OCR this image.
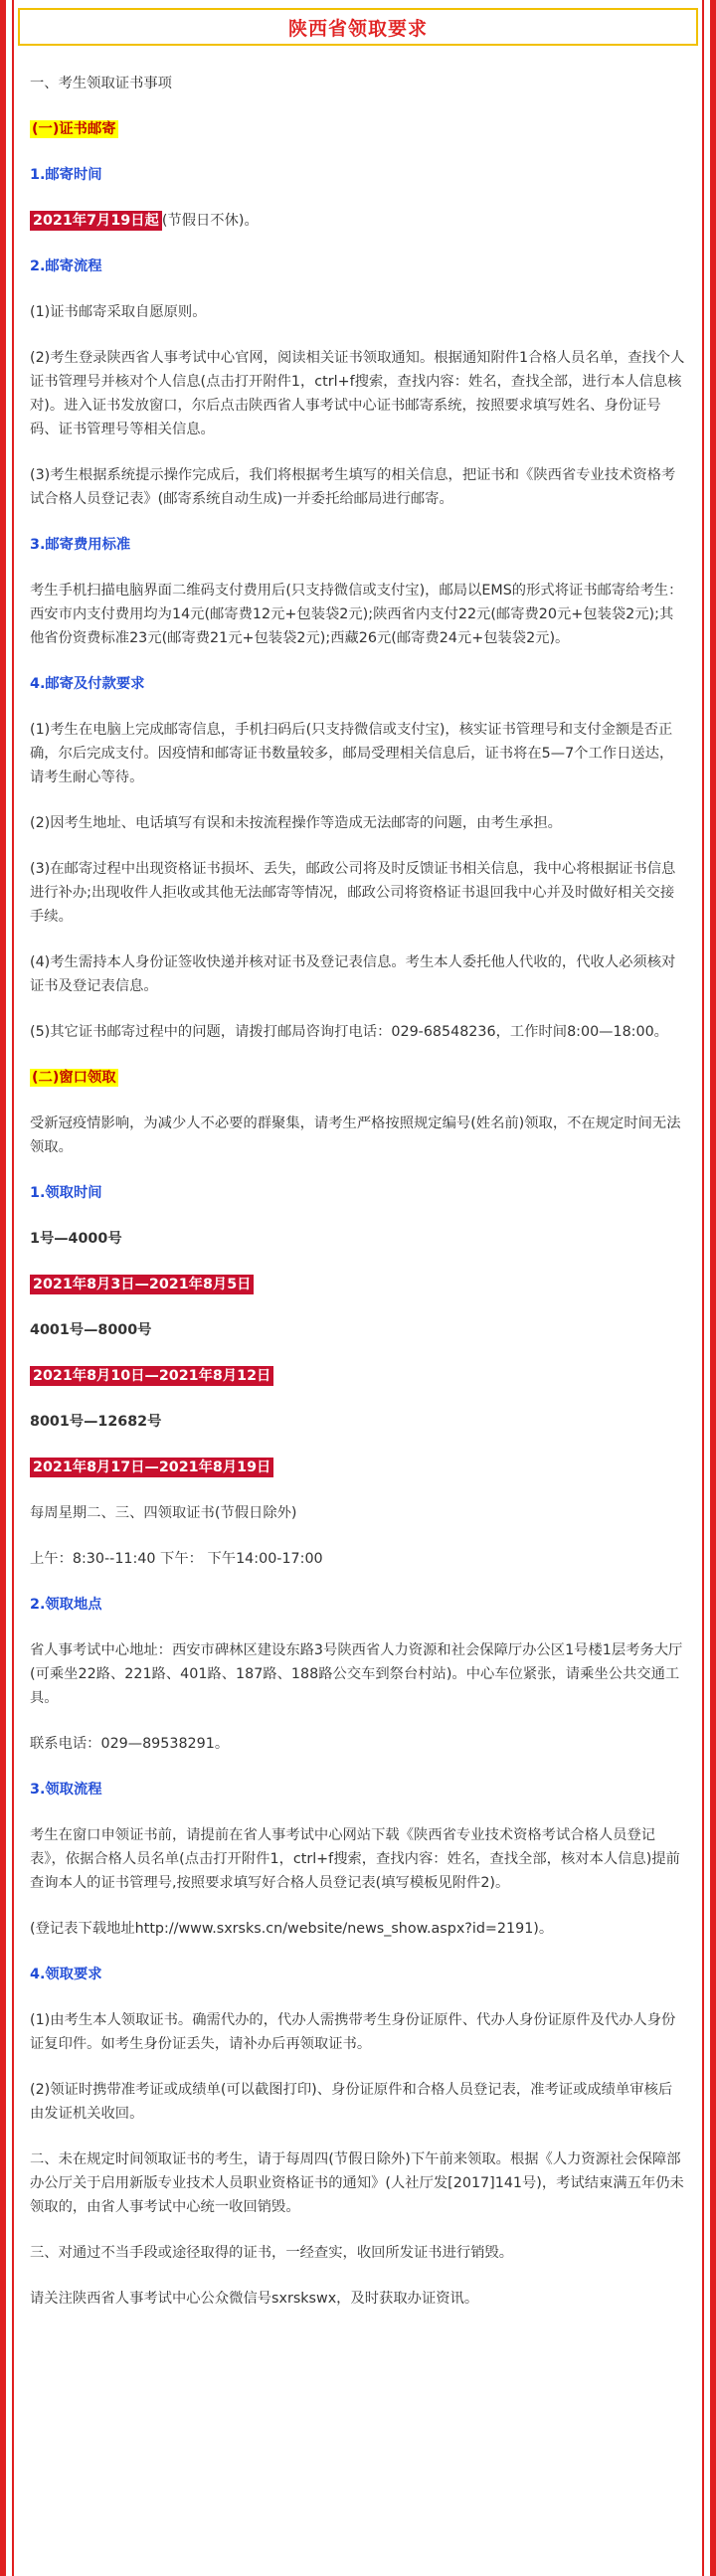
陕西省领取要求

一、考生领取证书事项

(一)证书邮寄

1.邮寄时间

2021年7月19日起 (节假日不休)。

2.邮寄流程

(1)证书邮寄采取自愿原则。

(2)考生登录陕西省人事考试中心官网，阅读相关证书领取通知。根据通知附件1合格人员名单，查找个人证书管理号并核对个人信息(点击打开附件1，ctrl+f搜索，查找内容：姓名，查找全部，进行本人信息核对)。进入证书发放窗口，尔后点击陕西省人事考试中心证书邮寄系统，按照要求填写姓名、身份证号码、证书管理号等相关信息。

(3)考生根据系统提示操作完成后，我们将根据考生填写的相关信息，把证书和《陕西省专业技术资格考试合格人员登记表》(邮寄系统自动生成)一并委托给邮局进行邮寄。

3.邮寄费用标准

考生手机扫描电脑界面二维码支付费用后(只支持微信或支付宝)，邮局以EMS的形式将证书邮寄给考生：西安市内支付费用均为14元(邮寄费12元+包装袋2元);陕西省内支付22元(邮寄费20元+包装袋2元);其他省份资费标准23元(邮寄费21元+包装袋2元);西藏26元(邮寄费24元+包装袋2元)。

4.邮寄及付款要求

(1)考生在电脑上完成邮寄信息，手机扫码后(只支持微信或支付宝)，核实证书管理号和支付金额是否正确，尔后完成支付。因疫情和邮寄证书数量较多，邮局受理相关信息后，证书将在5—7个工作日送达，请考生耐心等待。

(2)因考生地址、电话填写有误和未按流程操作等造成无法邮寄的问题，由考生承担。

(3)在邮寄过程中出现资格证书损坏、丢失，邮政公司将及时反馈证书相关信息，我中心将根据证书信息进行补办;出现收件人拒收或其他无法邮寄等情况，邮政公司将资格证书退回我中心并及时做好相关交接手续。

(4)考生需持本人身份证签收快递并核对证书及登记表信息。考生本人委托他人代收的，代收人必须核对证书及登记表信息。

(5)其它证书邮寄过程中的问题，请拨打邮局咨询打电话：029-68548236，工作时间8:00—18:00。

(二)窗口领取

受新冠疫情影响，为减少人不必要的群聚集，请考生严格按照规定编号(姓名前)领取，不在规定时间无法领取。

1.领取时间

1号—4000号

2021年8月3日—2021年8月5日

4001号—8000号

2021年8月10日—2021年8月12日

8001号—12682号

2021年8月17日—2021年8月19日

每周星期二、三、四领取证书(节假日除外)

上午：8:30--11:40 下午： 下午14:00-17:00

2.领取地点

省人事考试中心地址：西安市碑林区建设东路3号陕西省人力资源和社会保障厅办公区1号楼1层考务大厅(可乘坐22路、221路、401路、187路、188路公交车到祭台村站)。中心车位紧张，请乘坐公共交通工具。

联系电话：029—89538291。

3.领取流程

考生在窗口申领证书前，请提前在省人事考试中心网站下载《陕西省专业技术资格考试合格人员登记表》，依据合格人员名单(点击打开附件1，ctrl+f搜索，查找内容：姓名，查找全部，核对本人信息)提前查询本人的证书管理号,按照要求填写好合格人员登记表(填写模板见附件2)。

(登记表下载地址http://www.sxrsks.cn/website/news_show.aspx?id=2191)。

4.领取要求

(1)由考生本人领取证书。确需代办的，代办人需携带考生身份证原件、代办人身份证原件及代办人身份证复印件。如考生身份证丢失，请补办后再领取证书。

(2)领证时携带准考证或成绩单(可以截图打印)、身份证原件和合格人员登记表，准考证或成绩单审核后由发证机关收回。

二、未在规定时间领取证书的考生，请于每周四(节假日除外)下午前来领取。根据《人力资源社会保障部办公厅关于启用新版专业技术人员职业资格证书的通知》(人社厅发[2017]141号)，考试结束满五年仍未领取的，由省人事考试中心统一收回销毁。

三、对通过不当手段或途径取得的证书，一经查实，收回所发证书进行销毁。

请关注陕西省人事考试中心公众微信号sxrskswx，及时获取办证资讯。
